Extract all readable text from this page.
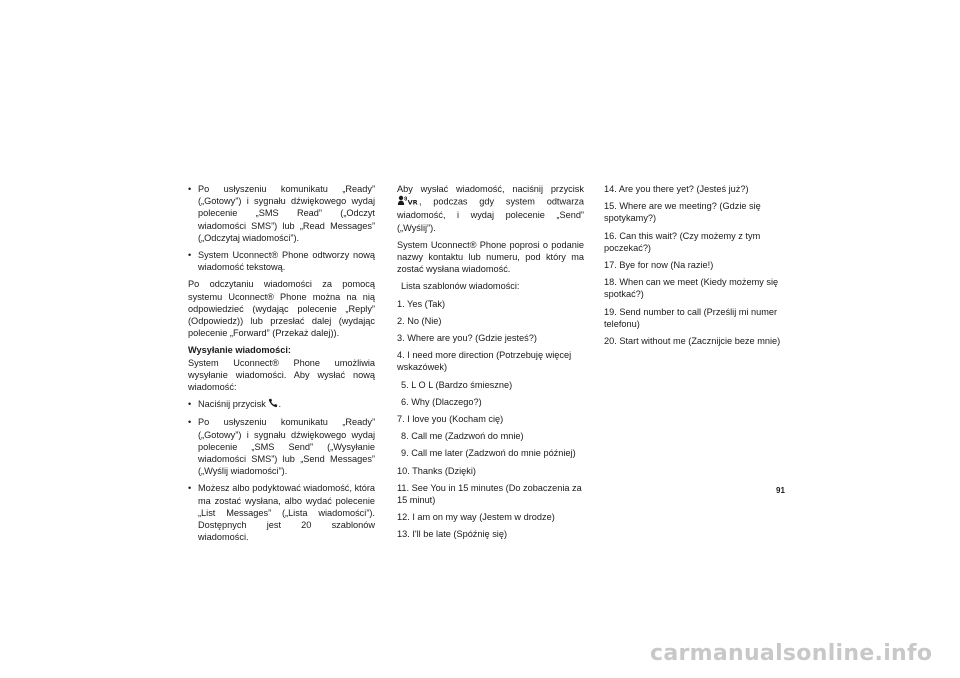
• Po usłyszeniu komunikatu „Ready” („Gotowy”) i sygnału dźwiękowego wydaj polecenie „SMS Read” („Odczyt wiadomości SMS”) lub „Read Messages” („Odczytaj wiadomości”).
• System Uconnect® Phone odtworzy nową wiadomość tekstową.

Po odczytaniu wiadomości za pomocą systemu Uconnect® Phone można na nią odpowiedzieć (wydając polecenie „Reply” (Odpowiedz)) lub przesłać dalej (wydając polecenie „Forward” (Przekaż dalej)).

Wysyłanie wiadomości:

System Uconnect® Phone umożliwia wysyłanie wiadomości. Aby wysłać nową wiadomość:

• Naciśnij przycisk .
• Po usłyszeniu komunikatu „Ready” („Gotowy”) i sygnału dźwiękowego wydaj polecenie „SMS Send” („Wysyłanie wiadomości SMS”) lub „Send Messages” („Wyślij wiadomości”).
• Możesz albo podyktować wiadomość, która ma zostać wysłana, albo wydać polecenie „List Messages” („Lista wiadomości”). Dostępnych jest 20 szablonów wiadomości.

Aby wysłać wiadomość, naciśnij przycisk
VR , podczas gdy system odtwarza wiadomość, i wydaj polecenie „Send” („Wyślij”).

System Uconnect® Phone poprosi o podanie nazwy kontaktu lub numeru, pod który ma zostać wysłana wiadomość.

Lista szablonów wiadomości:

1. Yes (Tak)
2. No (Nie)
3. Where are you? (Gdzie jesteś?)
4. I need more direction (Potrzebuję więcej wskazówek)
5. L O L (Bardzo śmieszne)
6. Why (Dlaczego?)
7. I love you (Kocham cię)
8. Call me (Zadzwoń do mnie)
9. Call me later (Zadzwoń do mnie później)
10. Thanks (Dzięki)
11. See You in 15 minutes (Do zobaczenia za 15 minut)
12. I am on my way (Jestem w drodze)
13. I'll be late (Spóźnię się)
14. Are you there yet? (Jesteś już?)
15. Where are we meeting? (Gdzie się spotykamy?)
16. Can this wait? (Czy możemy z tym poczekać?)
17. Bye for now (Na razie!)
18. When can we meet (Kiedy możemy się spotkać?)
19. Send number to call (Prześlij mi numer telefonu)
20. Start without me (Zacznijcie beze mnie)
91
carmanualsonline.info
